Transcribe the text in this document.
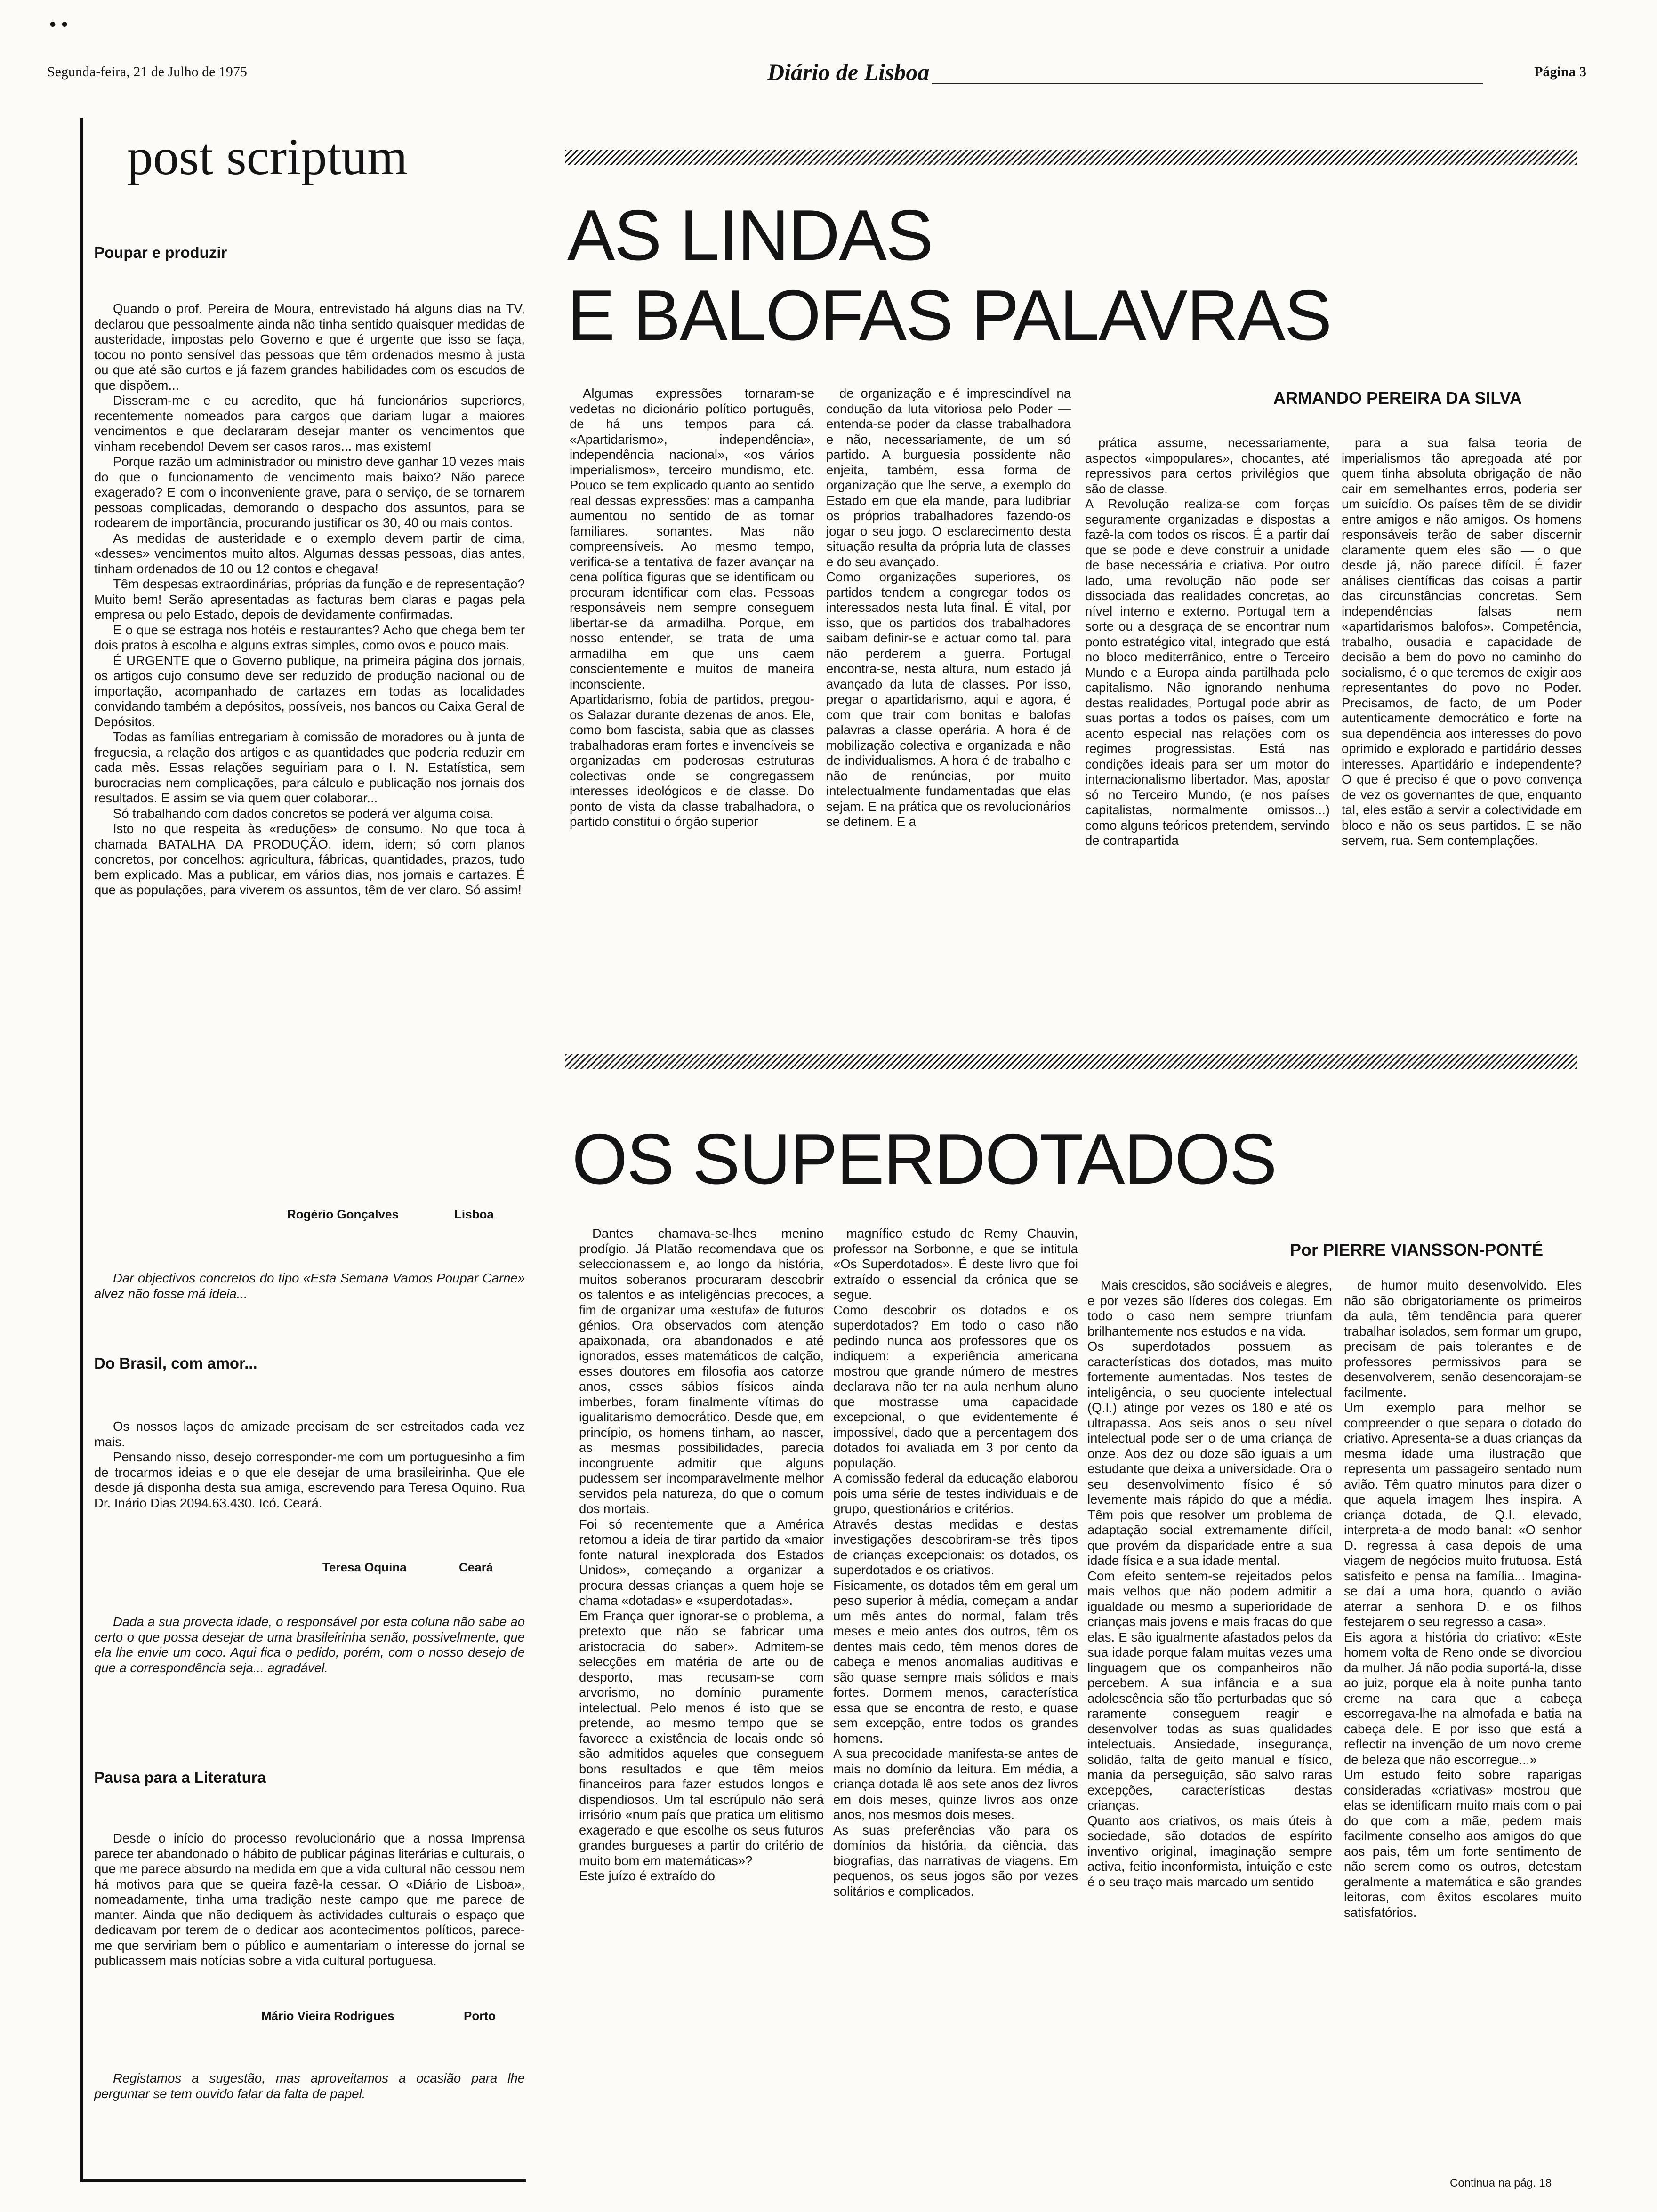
• •
Segunda-feira, 21 de Julho de 1975	Diário de Lisboa	Página 3
post scriptum
Poupar e produzir

Quando o prof. Pereira de Moura, entrevistado há alguns dias na TV, declarou que pessoalmente ainda não tinha sentido quaisquer medidas de austeridade, impostas pelo Governo e que é urgente que isso se faça, tocou no ponto sensível das pessoas que têm ordenados mesmo à justa ou que até são curtos e já fazem grandes habilidades com os escudos de que dispõem...

Disseram-me e eu acredito, que há funcionários superiores, recentemente nomeados para cargos que dariam lugar a maiores vencimentos e que declararam desejar manter os vencimentos que vinham recebendo! Devem ser casos raros... mas existem!

Porque razão um administrador ou ministro deve ganhar 10 vezes mais do que o funcionamento de vencimento mais baixo? Não parece exagerado? E com o inconveniente grave, para o serviço, de se tornarem pessoas complicadas, demorando o despacho dos assuntos, para se rodearem de importância, procurando justificar os 30, 40 ou mais contos.

As medidas de austeridade e o exemplo devem partir de cima, «desses» vencimentos muito altos. Algumas dessas pessoas, dias antes, tinham ordenados de 10 ou 12 contos e chegava!

Têm despesas extraordinárias, próprias da função e de representação? Muito bem! Serão apresentadas as facturas bem claras e pagas pela empresa ou pelo Estado, depois de devidamente confirmadas.

E o que se estraga nos hotéis e restaurantes? Acho que chega bem ter dois pratos à escolha e alguns extras simples, como ovos e pouco mais.

É URGENTE que o Governo publique, na primeira página dos jornais, os artigos cujo consumo deve ser reduzido de produção nacional ou de importação, acompanhado de cartazes em todas as localidades convidando também a depósitos, possíveis, nos bancos ou Caixa Geral de Depósitos.

Todas as famílias entregariam à comissão de moradores ou à junta de freguesia, a relação dos artigos e as quantidades que poderia reduzir em cada mês. Essas relações seguiriam para o I. N. Estatística, sem burocracias nem complicações, para cálculo e publicação nos jornais dos resultados. E assim se via quem quer colaborar...

Só trabalhando com dados concretos se poderá ver alguma coisa.

Isto no que respeita às «reduções» de consumo. No que toca à chamada BATALHA DA PRODUÇÃO, idem, idem; só com planos concretos, por concelhos: agricultura, fábricas, quantidades, prazos, tudo bem explicado. Mas a publicar, em vários dias, nos jornais e cartazes. É que as populações, para viverem os assuntos, têm de ver claro. Só assim!

Rogério Gonçalves	Lisboa

Dar objectivos concretos do tipo «Esta Semana Vamos Poupar Carne» alvez não fosse má ideia...

Do Brasil, com amor...

Os nossos laços de amizade precisam de ser estreitados cada vez mais.

Pensando nisso, desejo corresponder-me com um portuguesinho a fim de trocarmos ideias e o que ele desejar de uma brasileirinha. Que ele desde já disponha desta sua amiga, escrevendo para Teresa Oquino. Rua Dr. Inário Dias 2094.63.430. Icó. Ceará.

Teresa Oquina	Ceará

Dada a sua provecta idade, o responsável por esta coluna não sabe ao certo o que possa desejar de uma brasileirinha senão, possivelmente, que ela lhe envie um coco. Aqui fica o pedido, porém, com o nosso desejo de que a correspondência seja... agradável.

Pausa para a Literatura

Desde o início do processo revolucionário que a nossa Imprensa parece ter abandonado o hábito de publicar páginas literárias e culturais, o que me parece absurdo na medida em que a vida cultural não cessou nem há motivos para que se queira fazê-la cessar. O «Diário de Lisboa», nomeadamente, tinha uma tradição neste campo que me parece de manter. Ainda que não dediquem às actividades culturais o espaço que dedicavam por terem de o dedicar aos acontecimentos políticos, parece-me que serviriam bem o público e aumentariam o interesse do jornal se publicassem mais notícias sobre a vida cultural portuguesa.

Mário Vieira Rodrigues	Porto

Registamos a sugestão, mas aproveitamos a ocasião para lhe perguntar se tem ouvido falar da falta de papel.

AS LINDAS
E BALOFAS PALAVRAS
ARMANDO PEREIRA DA SILVA

Algumas expressões tornaram-se vedetas no dicionário político português, de há uns tempos para cá. «Apartidarismo», independência», independência nacional», «os vários imperialismos», terceiro mundismo, etc. Pouco se tem explicado quanto ao sentido real dessas expressões: mas a campanha aumentou no sentido de as tornar familiares, sonantes. Mas não compreensíveis. Ao mesmo tempo, verifica-se a tentativa de fazer avançar na cena política figuras que se identificam ou procuram identificar com elas. Pessoas responsáveis nem sempre conseguem libertar-se da armadilha. Porque, em nosso entender, se trata de uma armadilha em que uns caem conscientemente e muitos de maneira inconsciente.
Apartidarismo, fobia de partidos, pregou-os Salazar durante dezenas de anos. Ele, como bom fascista, sabia que as classes trabalhadoras eram fortes e invencíveis se organizadas em poderosas estruturas colectivas onde se congregassem interesses ideológicos e de classe. Do ponto de vista da classe trabalhadora, o partido constitui o órgão superior

de organização e é imprescindível na condução da luta vitoriosa pelo Poder — entenda-se poder da classe trabalhadora e não, necessariamente, de um só partido. A burguesia possidente não enjeita, também, essa forma de organização que lhe serve, a exemplo do Estado em que ela mande, para ludibriar os próprios trabalhadores fazendo-os jogar o seu jogo. O esclarecimento desta situação resulta da própria luta de classes e do seu avançado.
Como organizações superiores, os partidos tendem a congregar todos os interessados nesta luta final. É vital, por isso, que os partidos dos trabalhadores saibam definir-se e actuar como tal, para não perderem a guerra. Portugal encontra-se, nesta altura, num estado já avançado da luta de classes. Por isso, pregar o apartidarismo, aqui e agora, é com que trair com bonitas e balofas palavras a classe operária. A hora é de mobilização colectiva e organizada e não de individualismos. A hora é de trabalho e não de renúncias, por muito intelectualmente fundamentadas que elas sejam. E na prática que os revolucionários se definem. E a

prática assume, necessariamente, aspectos «impopulares», chocantes, até repressivos para certos privilégios que são de classe.
A Revolução realiza-se com forças seguramente organizadas e dispostas a fazê-la com todos os riscos. É a partir daí que se pode e deve construir a unidade de base necessária e criativa. Por outro lado, uma revolução não pode ser dissociada das realidades concretas, ao nível interno e externo. Portugal tem a sorte ou a desgraça de se encontrar num ponto estratégico vital, integrado que está no bloco mediterrânico, entre o Terceiro Mundo e a Europa ainda partilhada pelo capitalismo. Não ignorando nenhuma destas realidades, Portugal pode abrir as suas portas a todos os países, com um acento especial nas relações com os regimes progressistas. Está nas condições ideais para ser um motor do internacionalismo libertador. Mas, apostar só no Terceiro Mundo, (e nos países capitalistas, normalmente omissos...) como alguns teóricos pretendem, servindo de contrapartida

para a sua falsa teoria de imperialismos tão apregoada até por quem tinha absoluta obrigação de não cair em semelhantes erros, poderia ser um suicídio. Os países têm de se dividir entre amigos e não amigos. Os homens responsáveis terão de saber discernir claramente quem eles são — o que desde já, não parece difícil. É fazer análises científicas das coisas a partir das circunstâncias concretas. Sem independências falsas nem «apartidarismos balofos». Competência, trabalho, ousadia e capacidade de decisão a bem do povo no caminho do socialismo, é o que teremos de exigir aos representantes do povo no Poder. Precisamos, de facto, de um Poder autenticamente democrático e forte na sua dependência aos interesses do povo oprimido e explorado e partidário desses interesses. Apartidário e independente? O que é preciso é que o povo convença de vez os governantes de que, enquanto tal, eles estão a servir a colectividade em bloco e não os seus partidos. E se não servem, rua. Sem contemplações.

OS SUPERDOTADOS
Por PIERRE VIANSSON-PONTÉ

Dantes chamava-se-lhes menino prodígio. Já Platão recomendava que os seleccionassem e, ao longo da história, muitos soberanos procuraram descobrir os talentos e as inteligências precoces, a fim de organizar uma «estufa» de futuros génios. Ora observados com atenção apaixonada, ora abandonados e até ignorados, esses matemáticos de calção, esses doutores em filosofia aos catorze anos, esses sábios físicos ainda imberbes, foram finalmente vítimas do igualitarismo democrático. Desde que, em princípio, os homens tinham, ao nascer, as mesmas possibilidades, parecia incongruente admitir que alguns pudessem ser incomparavelmente melhor servidos pela natureza, do que o comum dos mortais.
Foi só recentemente que a América retomou a ideia de tirar partido da «maior fonte natural inexplorada dos Estados Unidos», começando a organizar a procura dessas crianças a quem hoje se chama «dotadas» e «superdotadas».
Em França quer ignorar-se o problema, a pretexto que não se fabricar uma aristocracia do saber». Admitem-se selecções em matéria de arte ou de desporto, mas recusam-se com arvorismo, no domínio puramente intelectual. Pelo menos é isto que se pretende, ao mesmo tempo que se favorece a existência de locais onde só são admitidos aqueles que conseguem bons resultados e que têm meios financeiros para fazer estudos longos e dispendiosos. Um tal escrúpulo não será irrisório «num país que pratica um elitismo exagerado e que escolhe os seus futuros grandes burgueses a partir do critério de muito bom em matemáticas»?
Este juízo é extraído do

magnífico estudo de Remy Chauvin, professor na Sorbonne, e que se intitula «Os Superdotados». É deste livro que foi extraído o essencial da crónica que se segue.
Como descobrir os dotados e os superdotados? Em todo o caso não pedindo nunca aos professores que os indiquem: a experiência americana mostrou que grande número de mestres declarava não ter na aula nenhum aluno que mostrasse uma capacidade excepcional, o que evidentemente é impossível, dado que a percentagem dos dotados foi avaliada em 3 por cento da população.
A comissão federal da educação elaborou pois uma série de testes individuais e de grupo, questionários e critérios.
Através destas medidas e destas investigações descobriram-se três tipos de crianças excepcionais: os dotados, os superdotados e os criativos.
Fisicamente, os dotados têm em geral um peso superior à média, começam a andar um mês antes do normal, falam três meses e meio antes dos outros, têm os dentes mais cedo, têm menos dores de cabeça e menos anomalias auditivas e são quase sempre mais sólidos e mais fortes. Dormem menos, característica essa que se encontra de resto, e quase sem excepção, entre todos os grandes homens.
A sua precocidade manifesta-se antes de mais no domínio da leitura. Em média, a criança dotada lê aos sete anos dez livros em dois meses, quinze livros aos onze anos, nos mesmos dois meses.
As suas preferências vão para os domínios da história, da ciência, das biografias, das narrativas de viagens. Em pequenos, os seus jogos são por vezes solitários e complicados.

Mais crescidos, são sociáveis e alegres, e por vezes são líderes dos colegas. Em todo o caso nem sempre triunfam brilhantemente nos estudos e na vida.
Os superdotados possuem as características dos dotados, mas muito fortemente aumentadas. Nos testes de inteligência, o seu quociente intelectual (Q.I.) atinge por vezes os 180 e até os ultrapassa. Aos seis anos o seu nível intelectual pode ser o de uma criança de onze. Aos dez ou doze são iguais a um estudante que deixa a universidade. Ora o seu desenvolvimento físico é só levemente mais rápido do que a média. Têm pois que resolver um problema de adaptação social extremamente difícil, que provém da disparidade entre a sua idade física e a sua idade mental.
Com efeito sentem-se rejeitados pelos mais velhos que não podem admitir a igualdade ou mesmo a superioridade de crianças mais jovens e mais fracas do que elas. E são igualmente afastados pelos da sua idade porque falam muitas vezes uma linguagem que os companheiros não percebem. A sua infância e a sua adolescência são tão perturbadas que só raramente conseguem reagir e desenvolver todas as suas qualidades intelectuais. Ansiedade, insegurança, solidão, falta de geito manual e físico, mania da perseguição, são salvo raras excepções, características destas crianças.
Quanto aos criativos, os mais úteis à sociedade, são dotados de espírito inventivo original, imaginação sempre activa, feitio inconformista, intuição e este é o seu traço mais marcado um sentido

de humor muito desenvolvido. Eles não são obrigatoriamente os primeiros da aula, têm tendência para querer trabalhar isolados, sem formar um grupo, precisam de pais tolerantes e de professores permissivos para se desenvolverem, senão desencorajam-se facilmente.
Um exemplo para melhor se compreender o que separa o dotado do criativo. Apresenta-se a duas crianças da mesma idade uma ilustração que representa um passageiro sentado num avião. Têm quatro minutos para dizer o que aquela imagem lhes inspira. A criança dotada, de Q.I. elevado, interpreta-a de modo banal: «O senhor D. regressa à casa depois de uma viagem de negócios muito frutuosa. Está satisfeito e pensa na família... Imagina-se daí a uma hora, quando o avião aterrar a senhora D. e os filhos festejarem o seu regresso a casa».
Eis agora a história do criativo: «Este homem volta de Reno onde se divorciou da mulher. Já não podia suportá-la, disse ao juiz, porque ela à noite punha tanto creme na cara que a cabeça escorregava-lhe na almofada e batia na cabeça dele. E por isso que está a reflectir na invenção de um novo creme de beleza que não escorregue...»
Um estudo feito sobre raparigas consideradas «criativas» mostrou que elas se identificam muito mais com o pai do que com a mãe, pedem mais facilmente conselho aos amigos do que aos pais, têm um forte sentimento de não serem como os outros, detestam geralmente a matemática e são grandes leitoras, com êxitos escolares muito satisfatórios.

Continua na pág. 18
